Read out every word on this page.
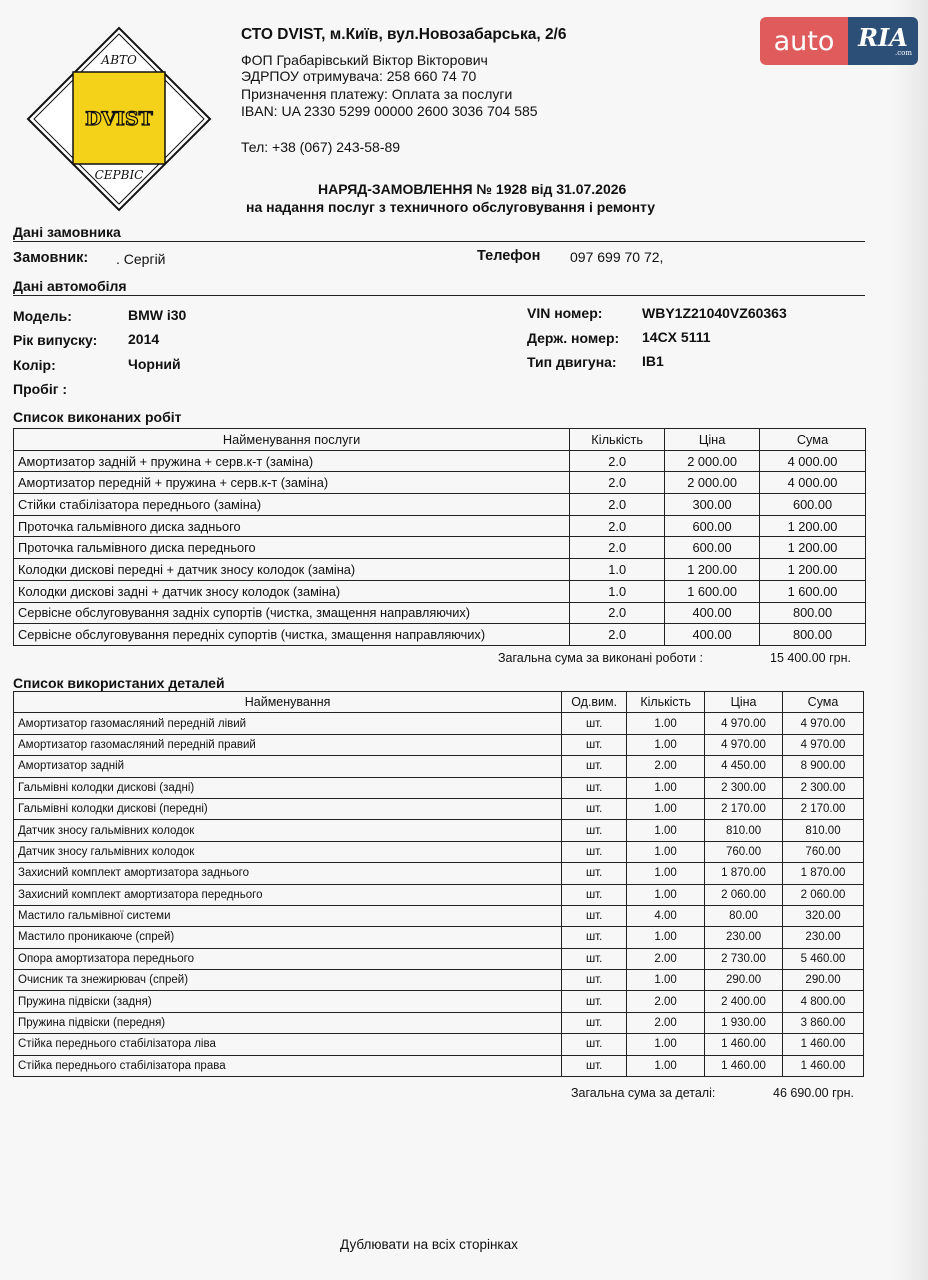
АВТО
DVIST
СЕРВІС
auto RIA
.com
СТО DVIST, м.Київ, вул.Новозабарська, 2/6
ФОП Грабарівський Віктор Вікторович
ЭДРПОУ отримувача: 258 660 74 70
Призначення платежу: Оплата за послуги
IBAN: UA 2330 5299 00000 2600 3036 704 585
Тел: +38 (067) 243-58-89
НАРЯД-ЗАМОВЛЕННЯ № 1928 від 31.07.2026
на надання послуг з техничного обслуговування і ремонту
Дані замовника
Замовник: . Сергій	Телефон 097 699 70 72,
Дані автомобіля
Модель:	BMW i30
Рік випуску: 2014
Колір:	Чорний
Пробіг :
VIN номер:	WBY1Z21040VZ60363
Держ. номер: 14CX 5111
Тип двигуна: IB1
Список виконаних робіт
Найменування послуги	Кількість	Ціна	Сума
Амортизатор задній + пружина + серв.к-т (заміна)	2.0	2 000.00	4 000.00
Амортизатор передній + пружина + серв.к-т (заміна)	2.0	2 000.00	4 000.00
Стійки стабілізатора переднього (заміна)	2.0	300.00	600.00
Проточка гальмівного диска заднього	2.0	600.00	1 200.00
Проточка гальмівного диска переднього	2.0	600.00	1 200.00
Колодки дискові передні + датчик зносу колодок (заміна)	1.0	1 200.00	1 200.00
Колодки дискові задні + датчик зносу колодок (заміна)	1.0	1 600.00	1 600.00
Сервісне обслуговування задніх супортів (чистка, змащення направляючих)	2.0	400.00	800.00
Сервісне обслуговування передніх супортів (чистка, змащення направляючих)	2.0	400.00	800.00
Загальна сума за виконані роботи :	15 400.00 грн.
Список використаних деталей
Найменування	Од.вим.	Кількість	Ціна	Сума
Амортизатор газомасляний передній лівий	шт.	1.00	4 970.00	4 970.00
Амортизатор газомасляний передній правий	шт.	1.00	4 970.00	4 970.00
Амортизатор задній	шт.	2.00	4 450.00	8 900.00
Гальмівні колодки дискові (задні)	шт.	1.00	2 300.00	2 300.00
Гальмівні колодки дискові (передні)	шт.	1.00	2 170.00	2 170.00
Датчик зносу гальмівних колодок	шт.	1.00	810.00	810.00
Датчик зносу гальмівних колодок	шт.	1.00	760.00	760.00
Захисний комплект амортизатора заднього	шт.	1.00	1 870.00	1 870.00
Захисний комплект амортизатора переднього	шт.	1.00	2 060.00	2 060.00
Мастило гальмівної системи	шт.	4.00	80.00	320.00
Мастило проникаюче (спрей)	шт.	1.00	230.00	230.00
Опора амортизатора переднього	шт.	2.00	2 730.00	5 460.00
Очисник та знежирювач (спрей)	шт.	1.00	290.00	290.00
Пружина підвіски (задня)	шт.	2.00	2 400.00	4 800.00
Пружина підвіски (передня)	шт.	2.00	1 930.00	3 860.00
Стійка переднього стабілізатора ліва	шт.	1.00	1 460.00	1 460.00
Стійка переднього стабілізатора права	шт.	1.00	1 460.00	1 460.00
Загальна сума за деталі:	46 690.00 грн.
Дублювати на всіх сторінках
